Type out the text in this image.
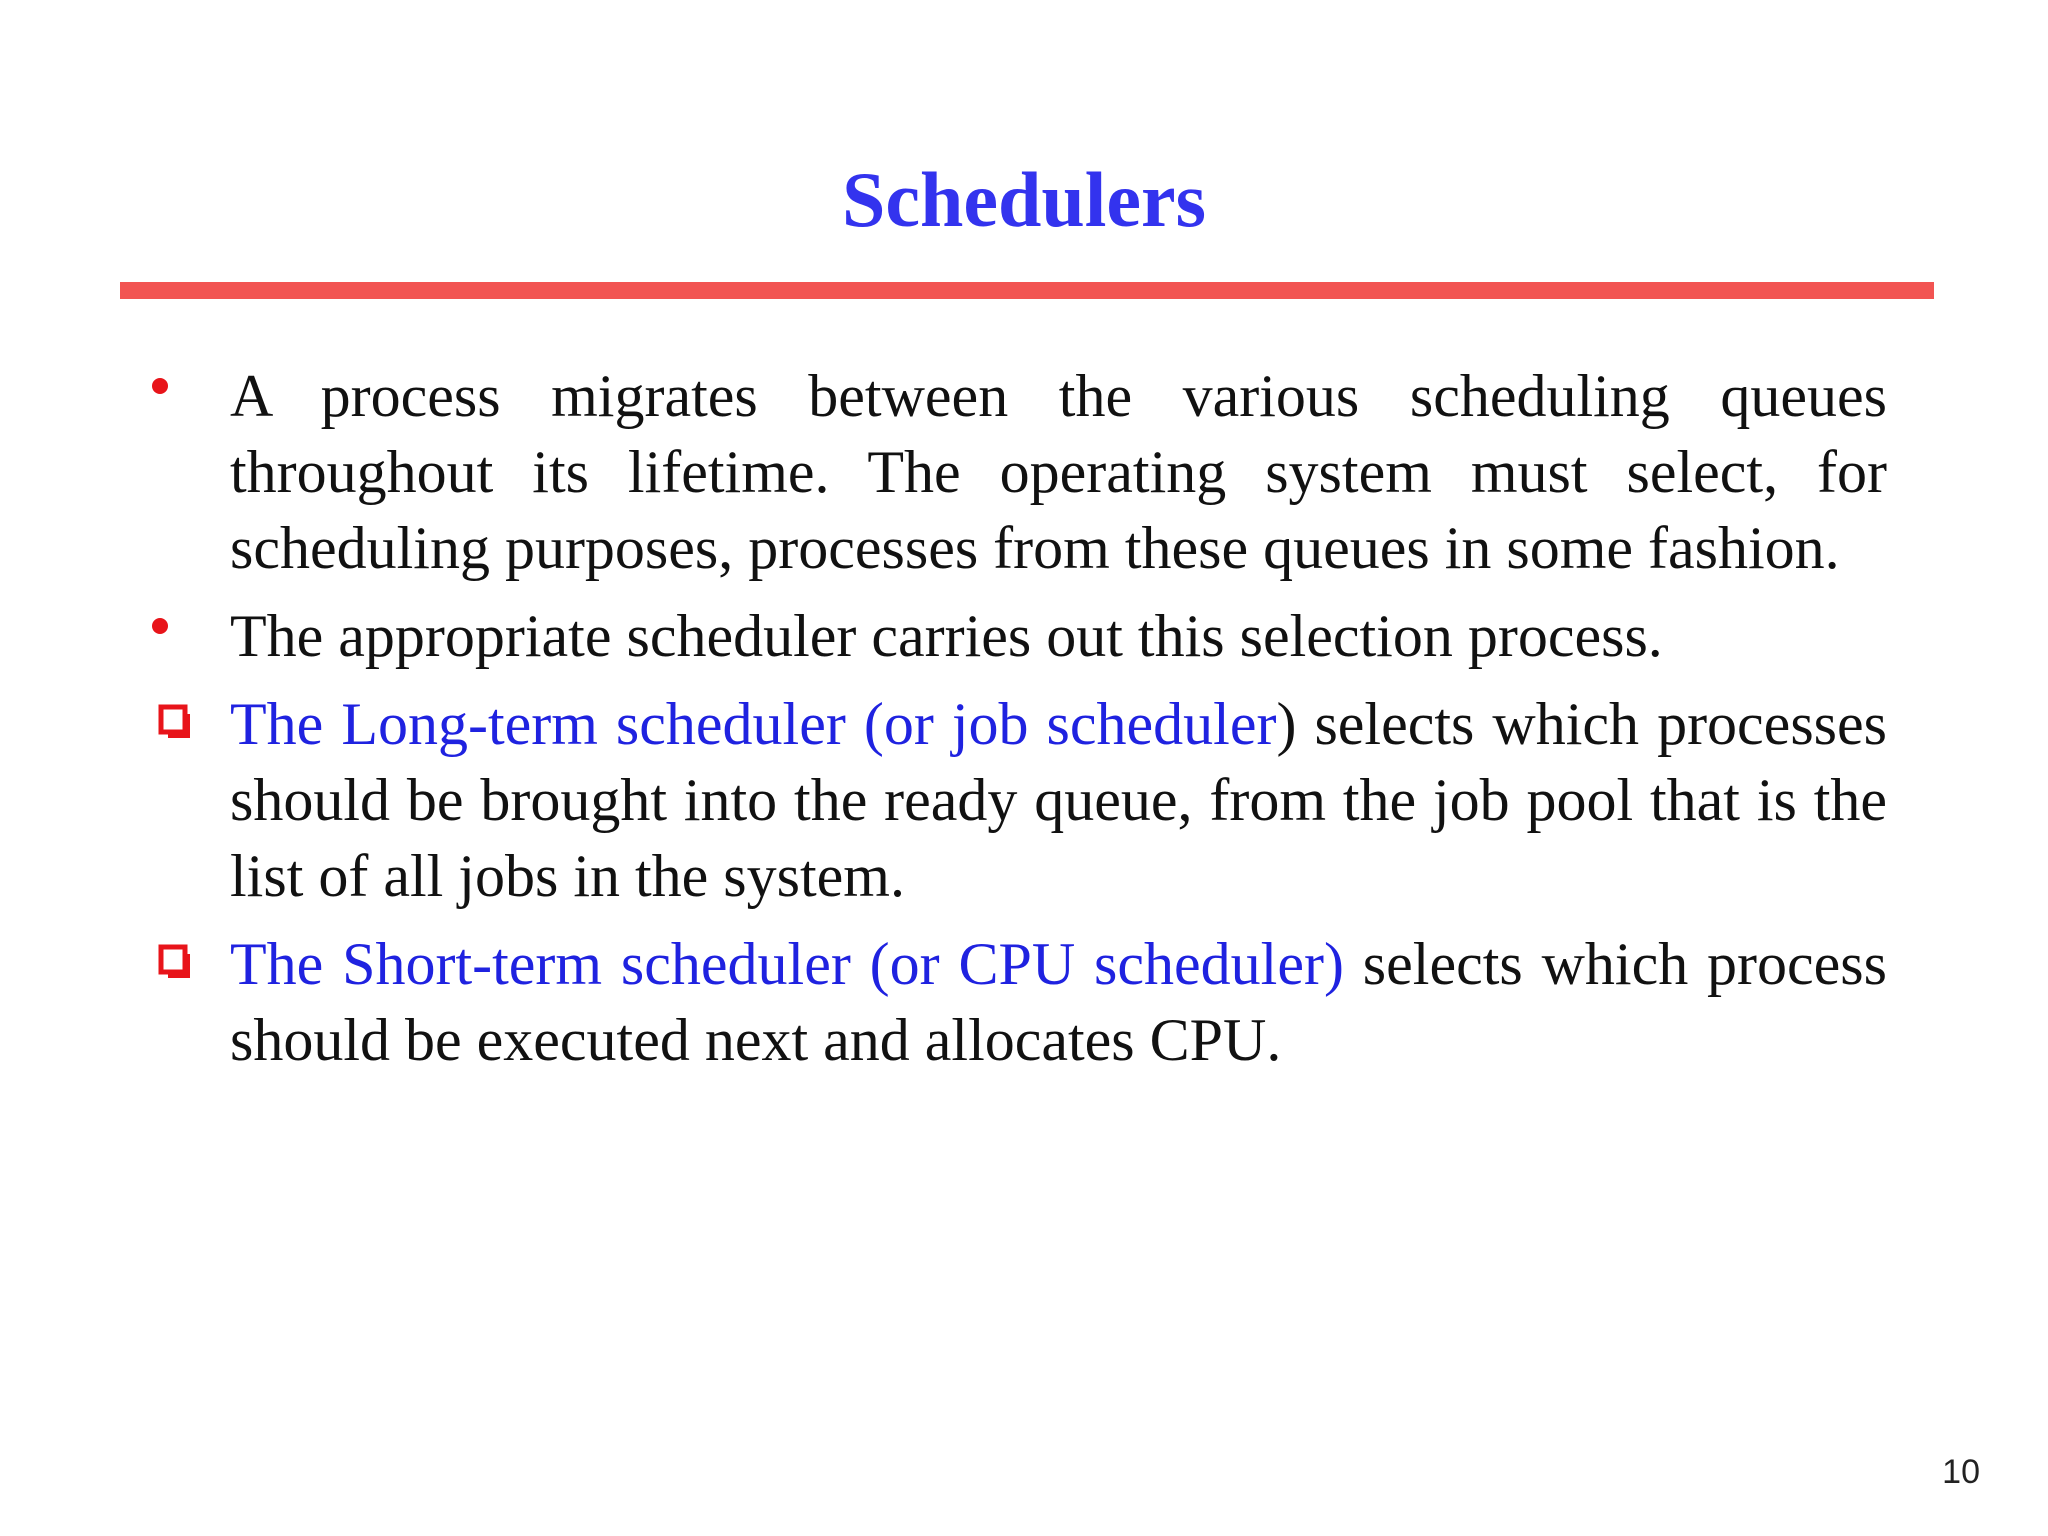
Schedulers
A process migrates between the various scheduling queues throughout its lifetime. The operating system must select, for scheduling purposes, processes from these queues in some fashion.
The appropriate scheduler carries out this selection process.
The Long-term scheduler (or job scheduler) selects which processes should be brought into the ready queue, from the job pool that is the list of all jobs in the system.
The Short-term scheduler (or CPU scheduler) selects which process should be executed next and allocates CPU.
10
